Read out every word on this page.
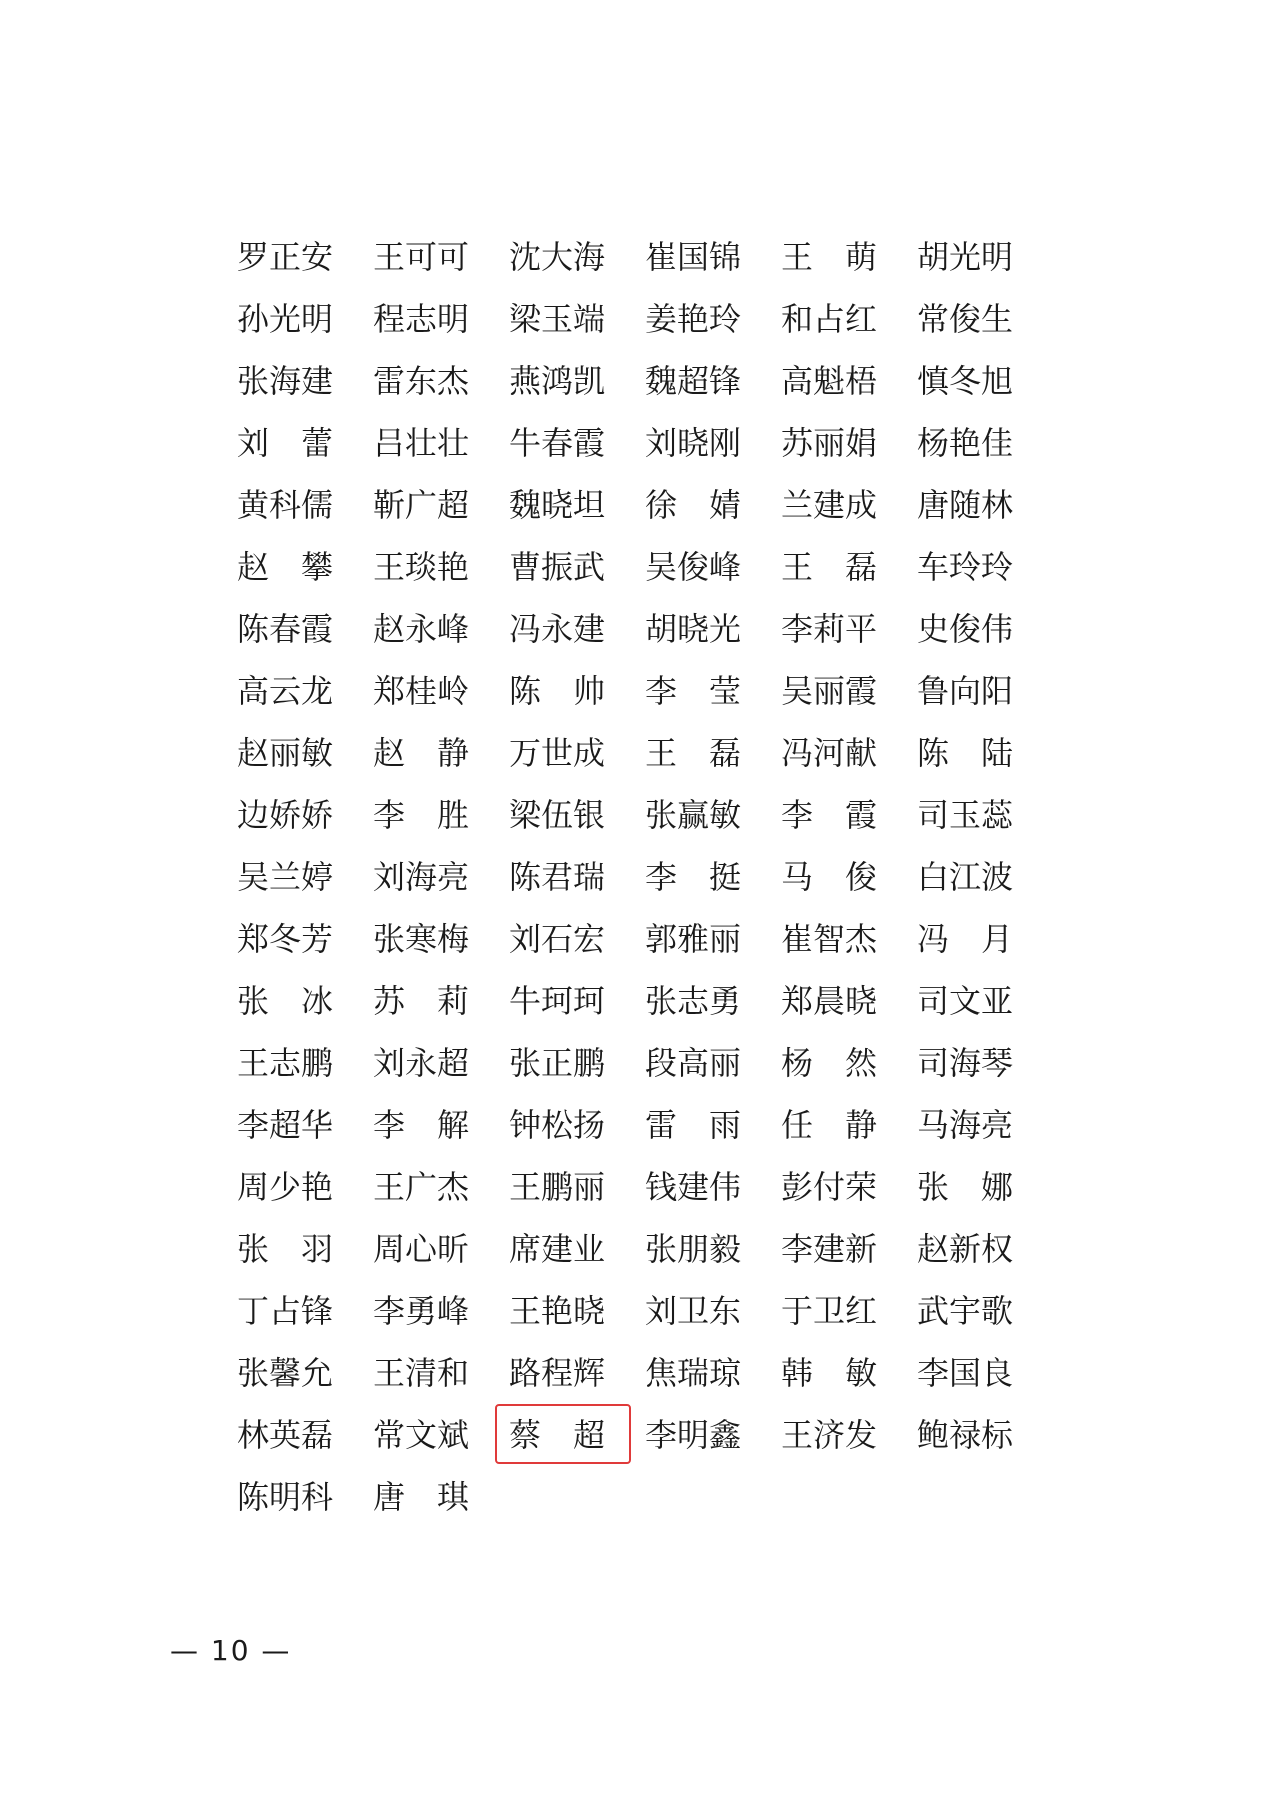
罗 正 安 王 可 可 沈 大 海 崔 国 锦 王 萌 胡 光 明
孙 光 明 程 志 明 梁 玉 端 姜 艳 玲 和 占 红 常 俊 生
张 海 建 雷 东 杰 燕 鸿 凯 魏 超 锋 高 魁 梧 慎 冬 旭
刘 蕾 吕 壮 壮 牛 春 霞 刘 晓 刚 苏 丽 娟 杨 艳 佳
黄 科 儒 靳 广 超 魏 晓 坦 徐 婧 兰 建 成 唐 随 林
赵 攀 王 琰 艳 曹 振 武 吴 俊 峰 王 磊 车 玲 玲
陈 春 霞 赵 永 峰 冯 永 建 胡 晓 光 李 莉 平 史 俊 伟
高 云 龙 郑 桂 岭 陈 帅 李 莹 吴 丽 霞 鲁 向 阳
赵 丽 敏 赵 静 万 世 成 王 磊 冯 河 献 陈 陆
边 娇 娇 李 胜 梁 伍 银 张 赢 敏 李 霞 司 玉 蕊
吴 兰 婷 刘 海 亮 陈 君 瑞 李 挺 马 俊 白 江 波
郑 冬 芳 张 寒 梅 刘 石 宏 郭 雅 丽 崔 智 杰 冯 月
张 冰 苏 莉 牛 珂 珂 张 志 勇 郑 晨 晓 司 文 亚
王 志 鹏 刘 永 超 张 正 鹏 段 高 丽 杨 然 司 海 琴
李 超 华 李 解 钟 松 扬 雷 雨 任 静 马 海 亮
周 少 艳 王 广 杰 王 鹏 丽 钱 建 伟 彭 付 荣 张 娜
张 羽 周 心 昕 席 建 业 张 朋 毅 李 建 新 赵 新 权
丁 占 锋 李 勇 峰 王 艳 晓 刘 卫 东 于 卫 红 武 宇 歌
张 馨 允 王 清 和 路 程 辉 焦 瑞 琼 韩 敏 李 国 良
林 英 磊 常 文 斌 蔡 超 李 明 鑫 王 济 发 鲍 禄 标
陈 明 科 唐 琪
— 10 —
